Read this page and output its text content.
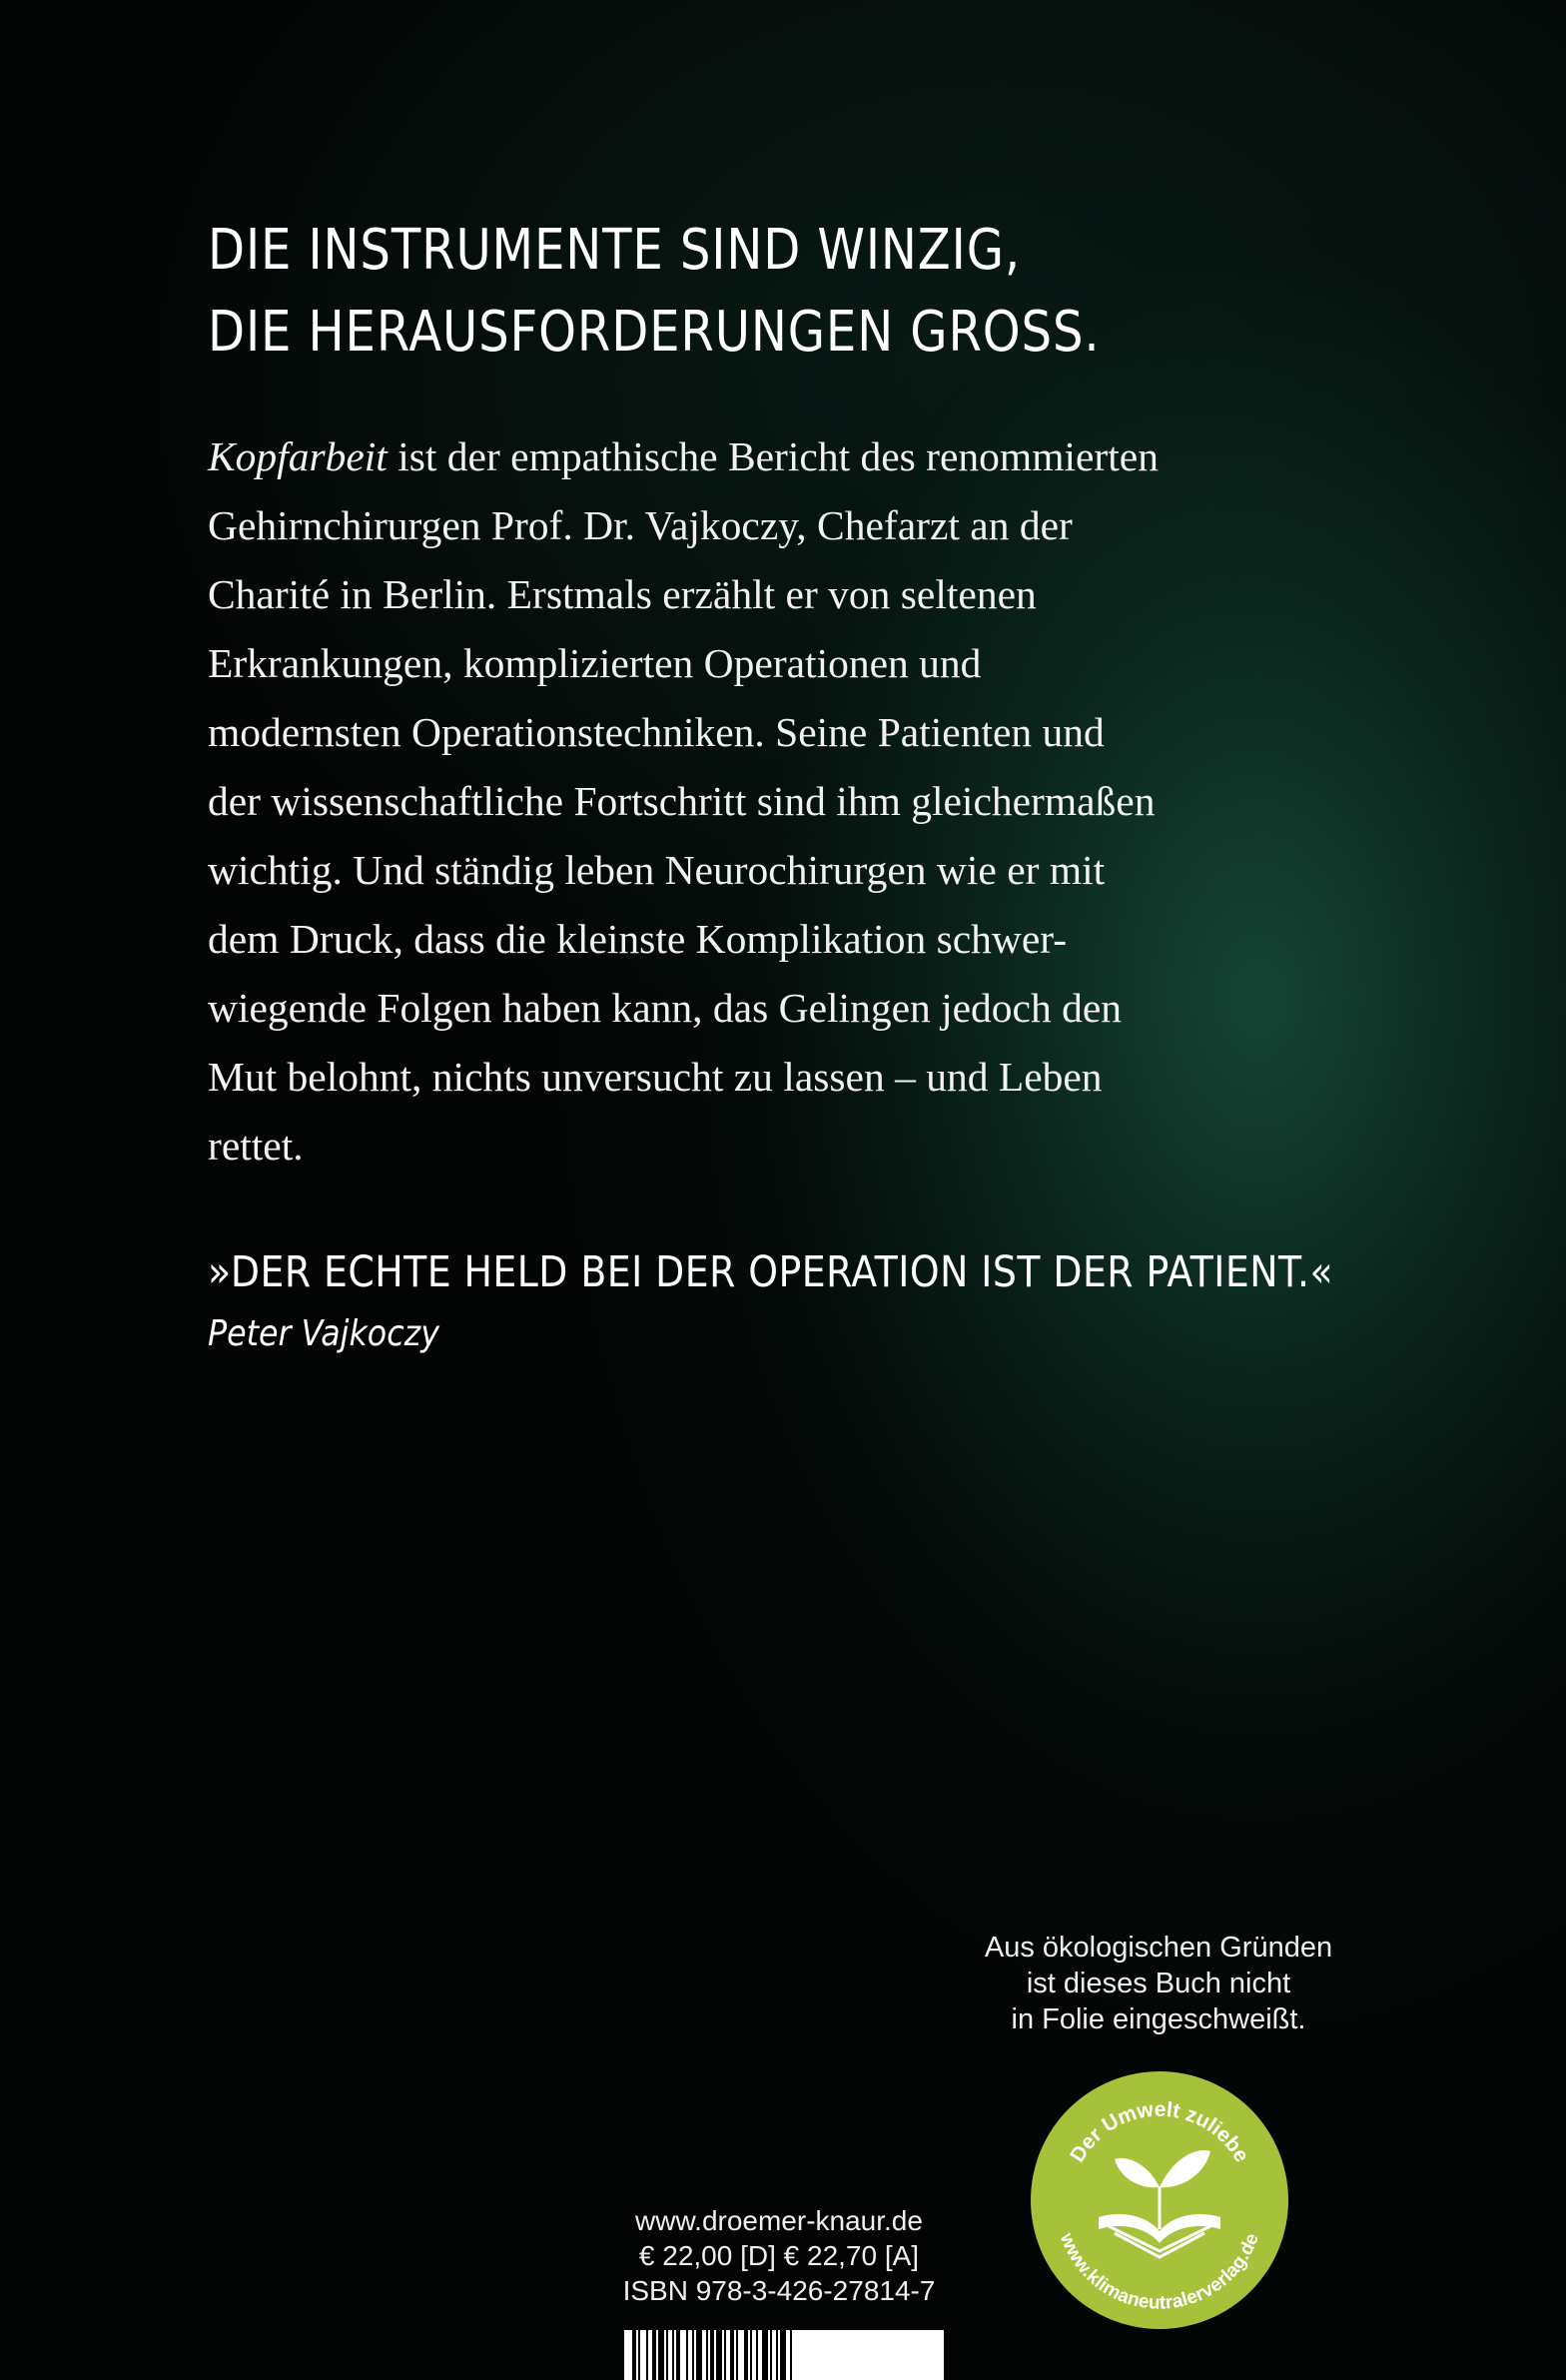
DIE INSTRUMENTE SIND WINZIG,
DIE HERAUSFORDERUNGEN GROSS.

Kopfarbeit ist der empathische Bericht des renommierten
Gehirnchirurgen Prof. Dr. Vajkoczy, Chefarzt an der
Charité in Berlin. Erstmals erzählt er von seltenen
Erkrankungen, komplizierten Operationen und
modernsten Operationstechniken. Seine Patienten und
der wissenschaftliche Fortschritt sind ihm gleichermaßen
wichtig. Und ständig leben Neurochirurgen wie er mit
dem Druck, dass die kleinste Komplikation schwer-
wiegende Folgen haben kann, das Gelingen jedoch den
Mut belohnt, nichts unversucht zu lassen – und Leben
rettet.

»DER ECHTE HELD BEI DER OPERATION IST DER PATIENT.«
Peter Vajkoczy
Aus ökologischen Gründen
ist dieses Buch nicht
in Folie eingeschweißt.
Der Umwelt zuliebe
www.klimaneutralerverlag.de
www.droemer-knaur.de
€ 22,00 [D] € 22,70 [A]
ISBN 978-3-426-27814-7
